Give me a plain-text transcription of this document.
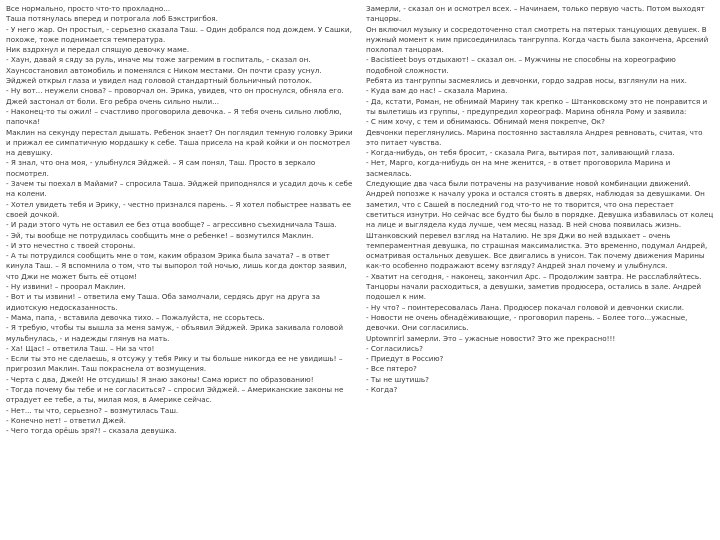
Все нормально, просто что-то прохладно...

Таша потянулась вперед и потрогала лоб Бэкстригбоя.

- У него жар. Он простыл, - серьезно сказала Таш. – Один добрался под дождем. У Сашки, похоже, тоже поднимается температура.

Ник вздрхнул и передал спящую девочку маме.

- Хаун, давай я сяду за руль, иначе мы тоже загремим в госпиталь, - сказал он. Хаунсостановил автомобиль и поменялся с Ником местами. Он почти сразу уснул.

Эйджей открыл глаза и увидел над головой стандартный больничный потолок.

- Ну вот... неужели снова? – проворчал он. Эрика, увидев, что он проснулся, обняла его. Джей застонал от боли. Его ребра очень сильно ныли...

- Наконец-то ты ожил! – счастливо проговорила девочка. – Я тебя очень сильно люблю, папочка!

Маклин на секунду перестал дышать. Ребенок знает? Он поглядил темную головку Эрики и прижал ее симпатичную мордашку к себе. Таша присела на край койки и он посмотрел на девушку.

- Я знал, что она моя, - улыбнулся Эйджей. – Я сам понял, Таш. Просто в зеркало посмотрел.

- Зачем ты поехал в Майами? – спросила Таша. Эйджей приподнялся и усадил дочь к себе на колени.

- Хотел увидеть тебя и Эрику, - честно признался парень. – Я хотел побыстрее назвать ее своей дочкой.

- И ради этого чуть не оставил ее без отца вообще? – агрессивно съехидничала Таша.

- Эй, ты вообще не потрудилась сообщить мне о ребенке! – возмутился Маклин.

- И это нечестно с твоей стороны.

- А ты потрудился сообщить мне о том, каким образом Эрика была зачата? – в ответ кинула Таш. – Я вспомнила о том, что ты выпорол той ночью, лишь когда доктор заявил, что Джи не может быть её отцом!

- Ну извини! – проорал Маклин.

- Вот и ты извини! – ответила ему Таша. Оба замолчали, сердясь друг на друга за идиотскую недосказанность.

- Мама, папа, - вставила девочка тихо. – Пожалуйста, не ссорьтесь.

- Я требую, чтобы ты вышла за меня замуж, - объявил Эйджей. Эрика закивала головой мульбнулась, - и надежды глянув на мать.

- Ха! Щас! – ответила Таш. – Ни за что!

- Если ты это не сделаешь, я отсужу у тебя Рику и ты больше никогда ее не увидишь! – пригрозил Маклин. Таш покраснела от возмущения.

- Черта с два, Джей! Не отсудишь! Я знаю законы! Сама юрист по образованию!

- Тогда почему бы тебе и не согласиться? – спросил Эйджей. – Американские законы не отрадует ее тебе, а ты, милая моя, в Америке сейчас.

- Нет... ты что, серьезно? – возмутилась Таш.

- Конечно нет! – ответил Джей.

- Чего тогда орёшь зря?! – сказала девушка.

Замерли, - сказал он и осмотрел всех. – Начинаем, только первую часть. Потом выходят танцоры.

Он включил музыку и сосредоточенно стал смотреть на пятерых танцующих девушек. В нужный момент к ним присоединилась тангруппа. Когда часть была закончена, Арсений похлопал танцорам.

- Bacistieet boys отдыхают! – сказал он. – Мужчины не способны на хореографию подобной сложности.

Ребята из тангруппы засмеялись и девчонки, гордо задрав носы, взглянули на них.

- Куда вам до нас! – сказала Марина.

- Да, кстати, Роман, не обнимай Марину так крепко – Штанковскому это не понравится и ты вылетишь из группы, - предупредил хореограф. Марина обняла Рому и заявила:

- С ним хочу, с тем и обнимаюсь. Обнимай меня покрепче, Ок?

Девчонки переглянулись. Марина постоянно заставляла Андрея ревновать, считая, что это питает чувства.

- Когда-нибудь, он тебя бросит, - сказала Рига, вытирая пот, заливающий глаза.

- Нет, Марго, когда-нибудь он на мне женится, - в ответ проговорила Марина и засмеялась.

Следующие два часа были потрачены на разучивание новой комбинации движений. Андрей попозже к началу урока и остался стоять в дверях, наблюдая за девушками. Он заметил, что с Сашей в последний год что-то не то творится, что она перестает светиться изнутри. Но сейчас все будто бы было в порядке. Девушка избавилась от колец на лице и выглядела куда лучше, чем месяц назад. В ней снова появилась жизнь. Штанковский перевел взгляд на Наталию. Не зря Джи во ней вздыхает – очень темпераментная девушка, по страшная максималистка. Это временно, подумал Андрей, осматривая остальных девушек. Все двигались в унисон. Так почему движения Марины как-то особенно подражают всему взгляду? Андрей знал почему и улыбнулся.

- Хватит на сегодня, - наконец, закончил Арс. – Продолжим завтра. Не расслабляйтесь.

Танцоры начали расходиться, а девушки, заметив продюсера, остались в зале. Андрей подошел к ним.

- Ну что? – поинтересовалась Лана. Продюсер покачал головой и девчонки скисли.

- Новости не очень обнадёживающие, - проговорил парень. – Более того...ужасные, девочки. Они согласились.

Uptownгirl замерли. Это – ужасные новости? Это же прекрасно!!!

- Согласились?

- Приедут в Россию?

- Все пятеро?

- Ты не шутишь?

- Когда?
